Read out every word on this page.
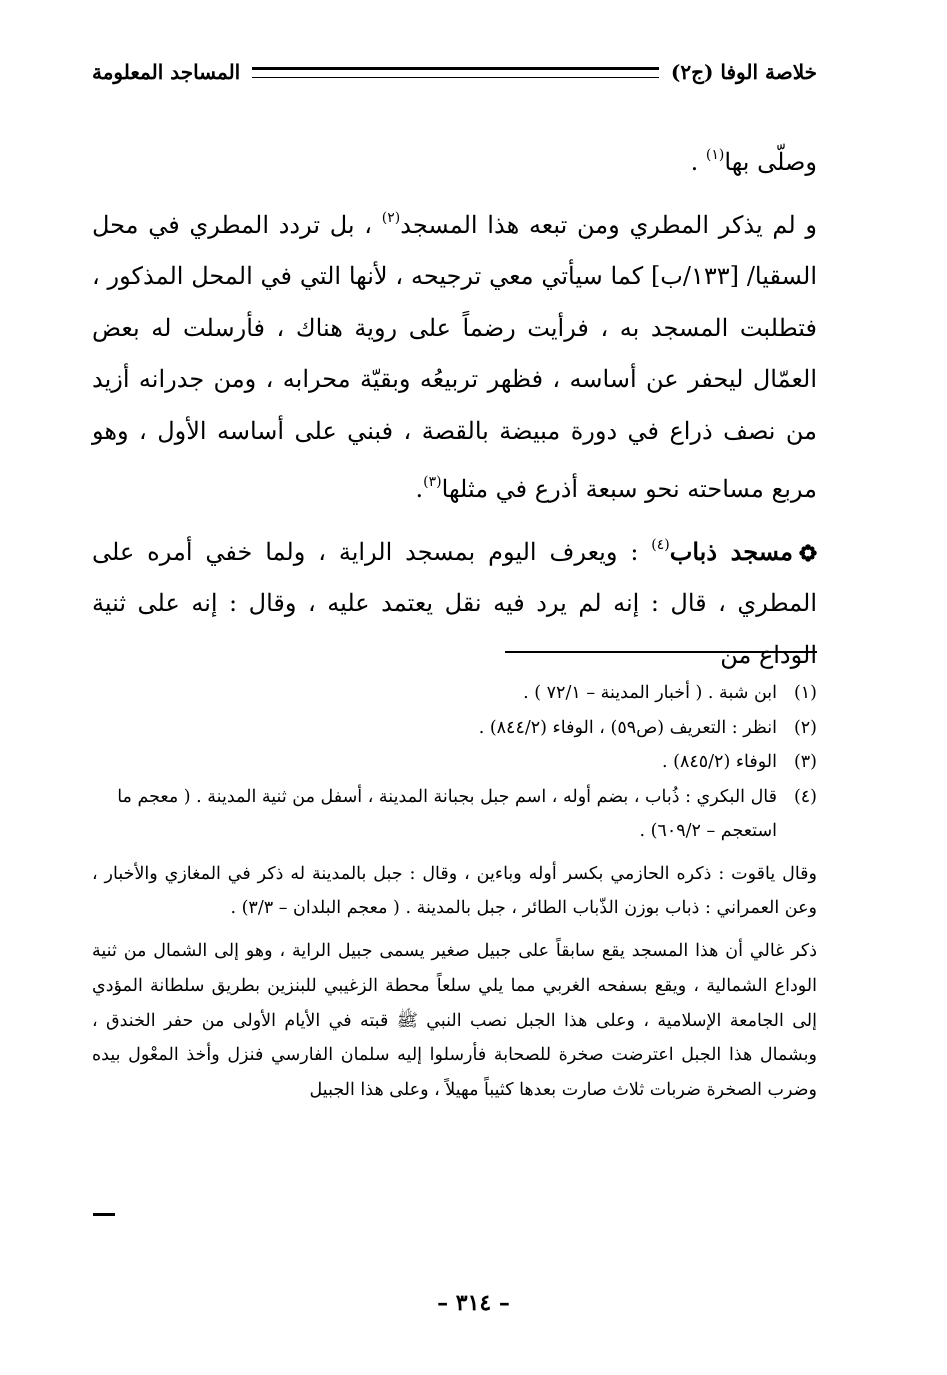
خلاصة الوفا (ج٢)
المساجد المعلومة

وصلّى بها$^{(١)}$ .

و لم يذكر المطري ومن تبعه هذا المسجد$^{(٢)}$ ، بل تردد المطري في محل السقيا/ [١٣٣/ب] كما سيأتي معي ترجيحه ، لأنها التي في المحل المذكور ، فتطلبت المسجد به ، فرأيت رضماً على روية هناك ، فأرسلت له بعض العمّال ليحفر عن أساسه ، فظهر تربيعُه وبقيّة محرابه ، ومن جدرانه أزيد من نصف ذراع في دورة مبيضة بالقصة ، فبني على أساسه الأول ، وهو مربع مساحته نحو سبعة أذرع في مثلها$^{(٣)}$.

مسجد ذباب$^{(٤)}$ : ويعرف اليوم بمسجد الراية ، ولما خفي أمره على المطري ، قال : إنه لم يرد فيه نقل يعتمد عليه ، وقال : إنه على ثنية الوداع من

(١)
ابن شبة . ( أخبار المدينة – ٧٢/١ ) .
(٢)
انظر : التعريف (ص٥٩) ، الوفاء (٨٤٤/٢) .
(٣)
الوفاء (٨٤٥/٢) .
(٤)
قال البكري : ذُباب ، بضم أوله ، اسم جبل بجبانة المدينة ، أسفل من ثنية المدينة . ( معجم ما
استعجم – ٦٠٩/٢) .
وقال ياقوت : ذكره الحازمي بكسر أوله وباءين ، وقال : جبل بالمدينة له ذكر في المغازي والأخبار ، وعن العمراني : ذباب بوزن الذّباب الطائر ، جبل بالمدينة . ( معجم البلدان – ٣/٣) .
ذكر غالي أن هذا المسجد يقع سابقاً على جبيل صغير يسمى جبيل الراية ، وهو إلى الشمال من ثنية الوداع الشمالية ، ويقع بسفحه الغربي مما يلي سلعاً محطة الزغيبي للبنزين بطريق سلطانة المؤدي إلى الجامعة الإسلامية ، وعلى هذا الجبل نصب النبي ﷺ قبته في الأيام الأولى من حفر الخندق ، وبشمال هذا الجبل اعترضت صخرة للصحابة فأرسلوا إليه سلمان الفارسي فنزل وأخذ المعْول بيده وضرب الصخرة ضربات ثلاث صارت بعدها كثيباً مهيلاً ، وعلى هذا الجبيل
– ٣١٤ –
